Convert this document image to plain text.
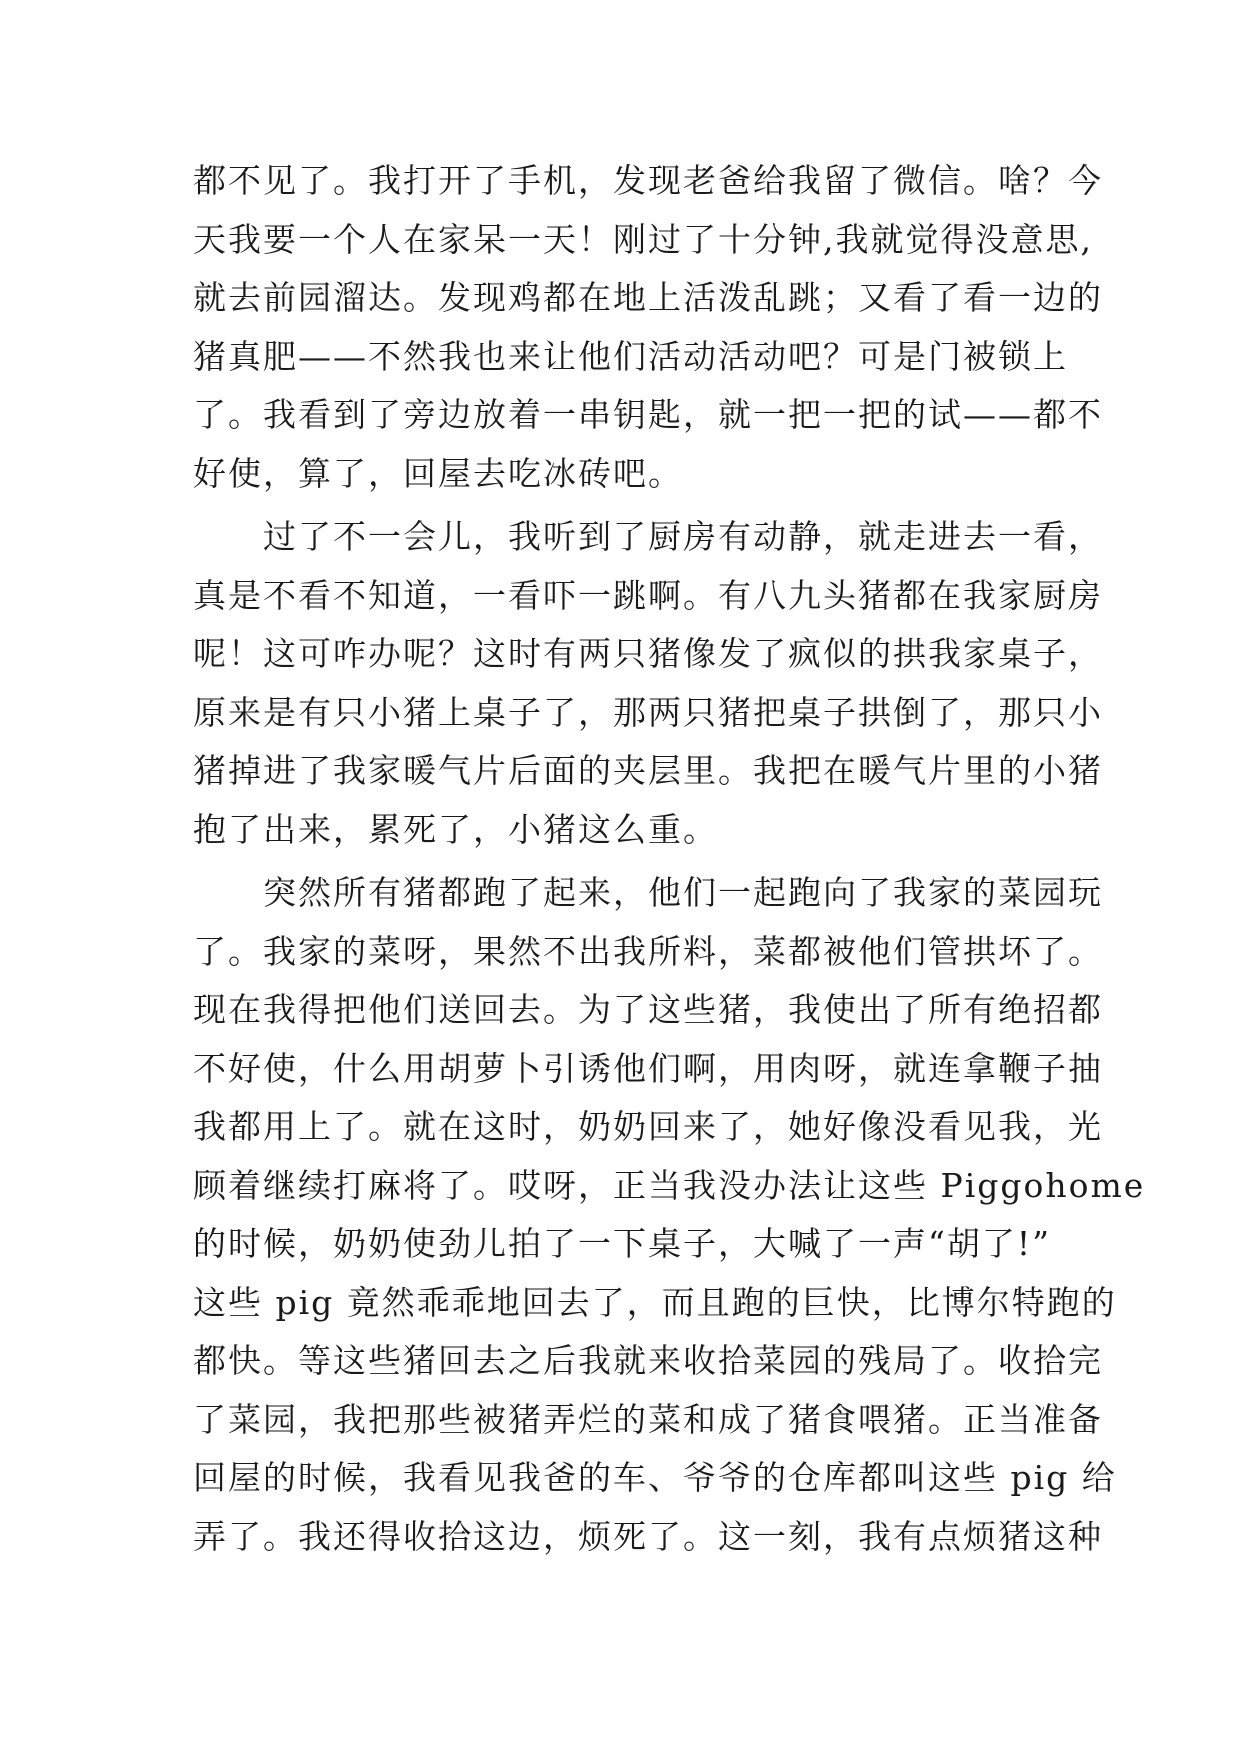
都不见了。我打开了手机，发现老爸给我留了微信。啥？今
天我要一个人在家呆一天！刚过了十分钟,我就觉得没意思,
就去前园溜达。发现鸡都在地上活泼乱跳；又看了看一边的
猪真肥——不然我也来让他们活动活动吧？可是门被锁上
了。我看到了旁边放着一串钥匙，就一把一把的试——都不
好使，算了，回屋去吃冰砖吧。
　　过了不一会儿，我听到了厨房有动静，就走进去一看，
真是不看不知道，一看吓一跳啊。有八九头猪都在我家厨房
呢！这可咋办呢？这时有两只猪像发了疯似的拱我家桌子，
原来是有只小猪上桌子了，那两只猪把桌子拱倒了，那只小
猪掉进了我家暖气片后面的夹层里。我把在暖气片里的小猪
抱了出来，累死了，小猪这么重。
　　突然所有猪都跑了起来，他们一起跑向了我家的菜园玩
了。我家的菜呀，果然不出我所料，菜都被他们管拱坏了。
现在我得把他们送回去。为了这些猪，我使出了所有绝招都
不好使，什么用胡萝卜引诱他们啊，用肉呀，就连拿鞭子抽
我都用上了。就在这时，奶奶回来了，她好像没看见我，光
顾着继续打麻将了。哎呀，正当我没办法让这些 Piggohome
的时候，奶奶使劲儿拍了一下桌子，大喊了一声“胡了!”
这些 pig 竟然乖乖地回去了，而且跑的巨快，比博尔特跑的
都快。等这些猪回去之后我就来收拾菜园的残局了。收拾完
了菜园，我把那些被猪弄烂的菜和成了猪食喂猪。正当准备
回屋的时候，我看见我爸的车、爷爷的仓库都叫这些 pig 给
弄了。我还得收拾这边，烦死了。这一刻，我有点烦猪这种
